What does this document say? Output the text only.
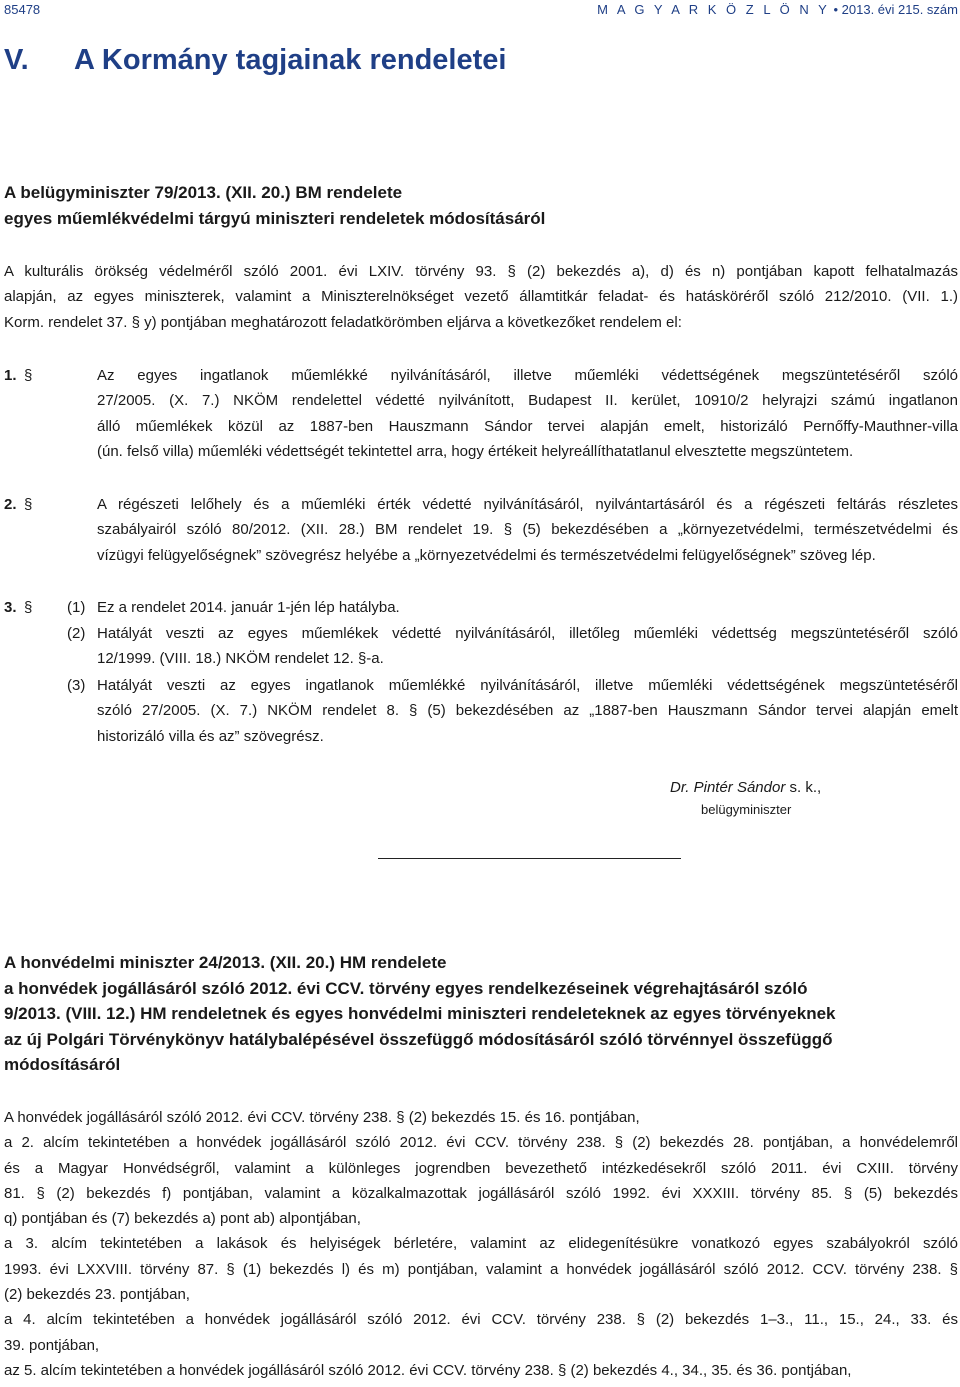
85478	M A G Y A R K Ö Z L Ö N Y • 2013. évi 215. szám
V. A Kormány tagjainak rendeletei
A belügyminiszter 79/2013. (XII. 20.) BM rendelete
egyes műemlékvédelmi tárgyú miniszteri rendeletek módosításáról
A kulturális örökség védelméről szóló 2001. évi LXIV. törvény 93. § (2) bekezdés a), d) és n) pontjában kapott felhatalmazás
alapján, az egyes miniszterek, valamint a Miniszterelnökséget vezető államtitkár feladat- és hatásköréről szóló 212/2010. (VII. 1.)
Korm. rendelet 37. § y) pontjában meghatározott feladatkörömben eljárva a következőket rendelem el:
1. §	Az egyes ingatlanok műemlékké nyilvánításáról, illetve műemléki védettségének megszüntetéséről szóló
27/2005. (X. 7.) NKÖM rendelettel védetté nyilvánított, Budapest II. kerület, 10910/2 helyrajzi számú ingatlanon
álló műemlékek közül az 1887-ben Hauszmann Sándor tervei alapján emelt, historizáló Pernőffy-Mauthner-villa
(ún. felső villa) műemléki védettségét tekintettel arra, hogy értékeit helyreállíthatatlanul elvesztette megszüntetem.
2. §	A régészeti lelőhely és a műemléki érték védetté nyilvánításáról, nyilvántartásáról és a régészeti feltárás részletes
szabályairól szóló 80/2012. (XII. 28.) BM rendelet 19. § (5) bekezdésében a „környezetvédelmi, természetvédelmi és
vízügyi felügyelőségnek” szövegrész helyébe a „környezetvédelmi és természetvédelmi felügyelőségnek” szöveg lép.
3. § (1) Ez a rendelet 2014. január 1-jén lép hatályba.
(2) Hatályát veszti az egyes műemlékek védetté nyilvánításáról, illetőleg műemléki védettség megszüntetéséről szóló
12/1999. (VIII. 18.) NKÖM rendelet 12. §-a.
(3) Hatályát veszti az egyes ingatlanok műemlékké nyilvánításáról, illetve műemléki védettségének megszüntetéséről
szóló 27/2005. (X. 7.) NKÖM rendelet 8. § (5) bekezdésében az „1887-ben Hauszmann Sándor tervei alapján emelt
historizáló villa és az” szövegrész.
Dr. Pintér Sándor s. k.,
belügyminiszter
A honvédelmi miniszter 24/2013. (XII. 20.) HM rendelete
a honvédek jogállásáról szóló 2012. évi CCV. törvény egyes rendelkezéseinek végrehajtásáról szóló
9/2013. (VIII. 12.) HM rendeletnek és egyes honvédelmi miniszteri rendeleteknek az egyes törvényeknek
az új Polgári Törvénykönyv hatálybalépésével összefüggő módosításáról szóló törvénnyel összefüggő
módosításáról
A honvédek jogállásáról szóló 2012. évi CCV. törvény 238. § (2) bekezdés 15. és 16. pontjában,
a 2. alcím tekintetében a honvédek jogállásáról szóló 2012. évi CCV. törvény 238. § (2) bekezdés 28. pontjában, a honvédelemről
és a Magyar Honvédségről, valamint a különleges jogrendben bevezethető intézkedésekről szóló 2011. évi CXIII. törvény
81. § (2) bekezdés f) pontjában, valamint a közalkalmazottak jogállásáról szóló 1992. évi XXXIII. törvény 85. § (5) bekezdés
q) pontjában és (7) bekezdés a) pont ab) alpontjában,
a 3. alcím tekintetében a lakások és helyiségek bérletére, valamint az elidegenítésükre vonatkozó egyes szabályokról szóló
1993. évi LXXVIII. törvény 87. § (1) bekezdés l) és m) pontjában, valamint a honvédek jogállásáról szóló 2012. CCV. törvény 238. §
(2) bekezdés 23. pontjában,
a 4. alcím tekintetében a honvédek jogállásáról szóló 2012. évi CCV. törvény 238. § (2) bekezdés 1–3., 11., 15., 24., 33. és
39. pontjában,
az 5. alcím tekintetében a honvédek jogállásáról szóló 2012. évi CCV. törvény 238. § (2) bekezdés 4., 34., 35. és 36. pontjában,
